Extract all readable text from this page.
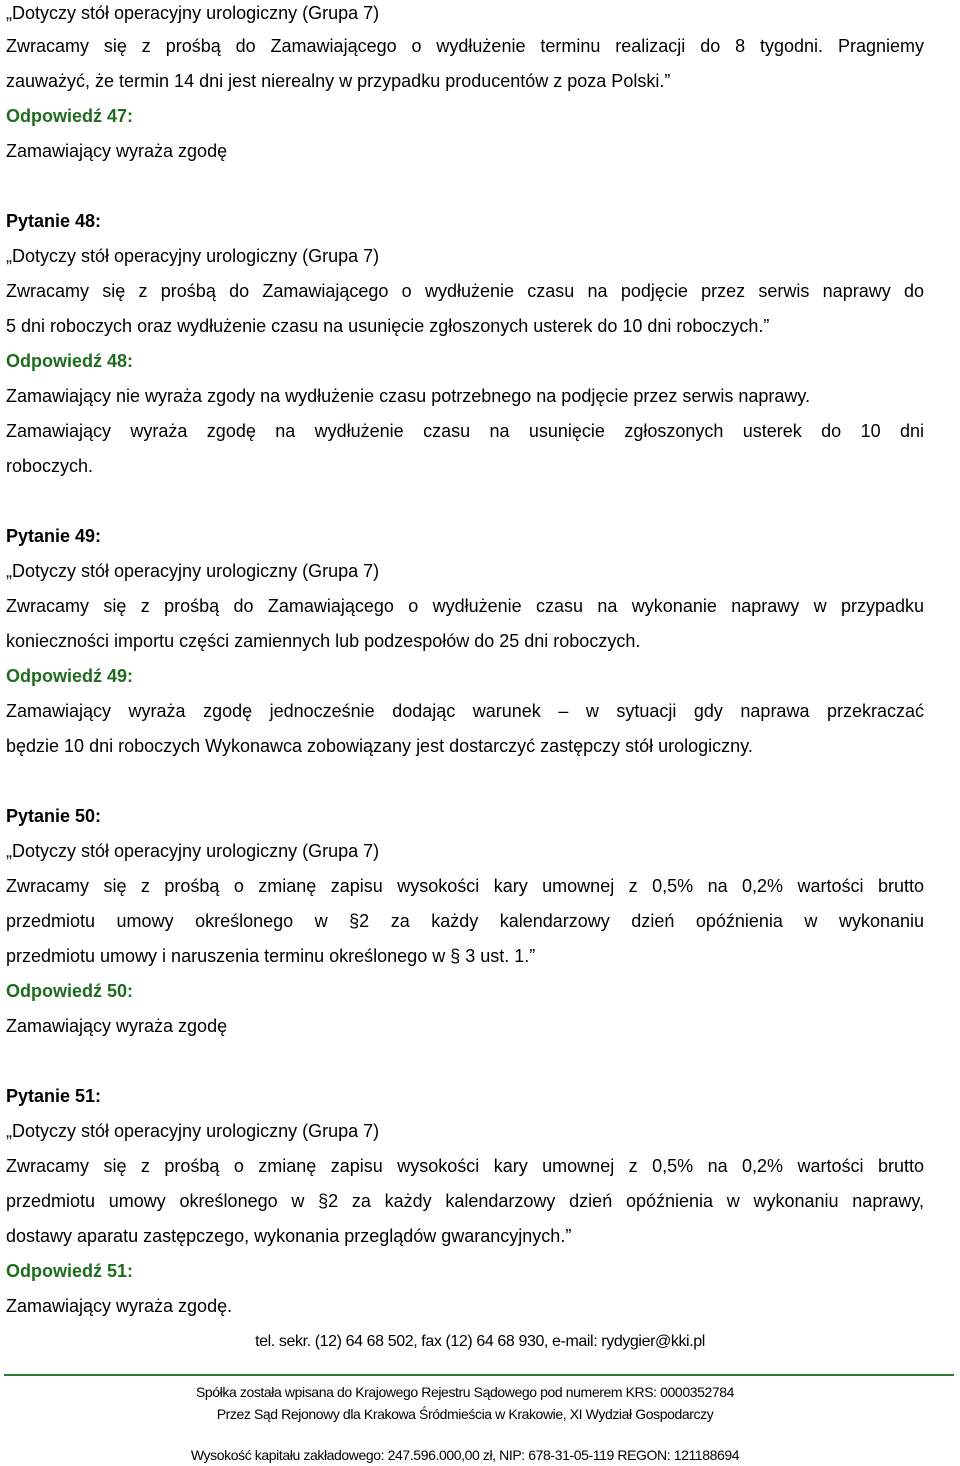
„Dotyczy stół operacyjny urologiczny (Grupa 7)

Zwracamy się z prośbą do Zamawiającego o wydłużenie terminu realizacji do 8 tygodni. Pragniemy

zauważyć, że termin 14 dni jest nierealny w przypadku producentów z poza Polski.”

Odpowiedź 47:

Zamawiający wyraża zgodę

Pytanie 48:

„Dotyczy stół operacyjny urologiczny (Grupa 7)

Zwracamy się z prośbą do Zamawiającego o wydłużenie czasu na podjęcie przez serwis naprawy do

5 dni roboczych oraz wydłużenie czasu na usunięcie zgłoszonych usterek do 10 dni roboczych.”

Odpowiedź 48:

Zamawiający nie wyraża zgody na wydłużenie czasu potrzebnego na podjęcie przez serwis naprawy.

Zamawiający wyraża zgodę na wydłużenie czasu na usunięcie zgłoszonych usterek do 10 dni

roboczych.

Pytanie 49:

„Dotyczy stół operacyjny urologiczny (Grupa 7)

Zwracamy się z prośbą do Zamawiającego o wydłużenie czasu na wykonanie naprawy w przypadku

konieczności importu części zamiennych lub podzespołów do 25 dni roboczych.

Odpowiedź 49:

Zamawiający wyraża zgodę jednocześnie dodając warunek – w sytuacji gdy naprawa przekraczać

będzie 10 dni roboczych Wykonawca zobowiązany jest dostarczyć zastępczy stół urologiczny.

Pytanie 50:

„Dotyczy stół operacyjny urologiczny (Grupa 7)

Zwracamy się z prośbą o zmianę zapisu wysokości kary umownej z 0,5% na 0,2% wartości brutto

przedmiotu umowy określonego w §2 za każdy kalendarzowy dzień opóźnienia w wykonaniu

przedmiotu umowy i naruszenia terminu określonego w § 3 ust. 1.”

Odpowiedź 50:

Zamawiający wyraża zgodę

Pytanie 51:

„Dotyczy stół operacyjny urologiczny (Grupa 7)

Zwracamy się z prośbą o zmianę zapisu wysokości kary umownej z 0,5% na 0,2% wartości brutto

przedmiotu umowy określonego w §2 za każdy kalendarzowy dzień opóźnienia w wykonaniu naprawy,

dostawy aparatu zastępczego, wykonania przeglądów gwarancyjnych.”

Odpowiedź 51:

Zamawiający wyraża zgodę.

tel. sekr. (12) 64 68 502, fax (12) 64 68 930, e-mail: rydygier@kki.pl
Spółka została wpisana do Krajowego Rejestru Sądowego pod numerem KRS: 0000352784
Przez Sąd Rejonowy dla Krakowa Śródmieścia w Krakowie, XI Wydział Gospodarczy
Wysokość kapitału zakładowego: 247.596.000,00 zł, NIP: 678-31-05-119 REGON: 121188694
